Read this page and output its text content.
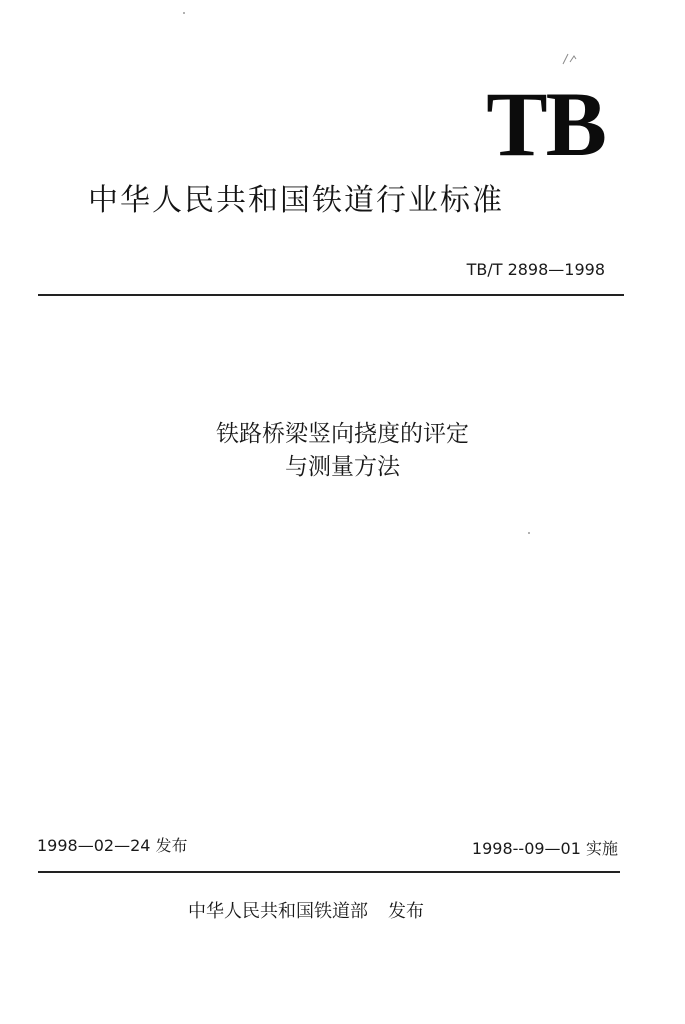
TB
中华人民共和国铁道行业标准
TB/T 2898—1998
铁路桥梁竖向挠度的评定
与测量方法
1998—02—24 发布	1998--09—01 实施
中华人民共和国铁道部 发布
